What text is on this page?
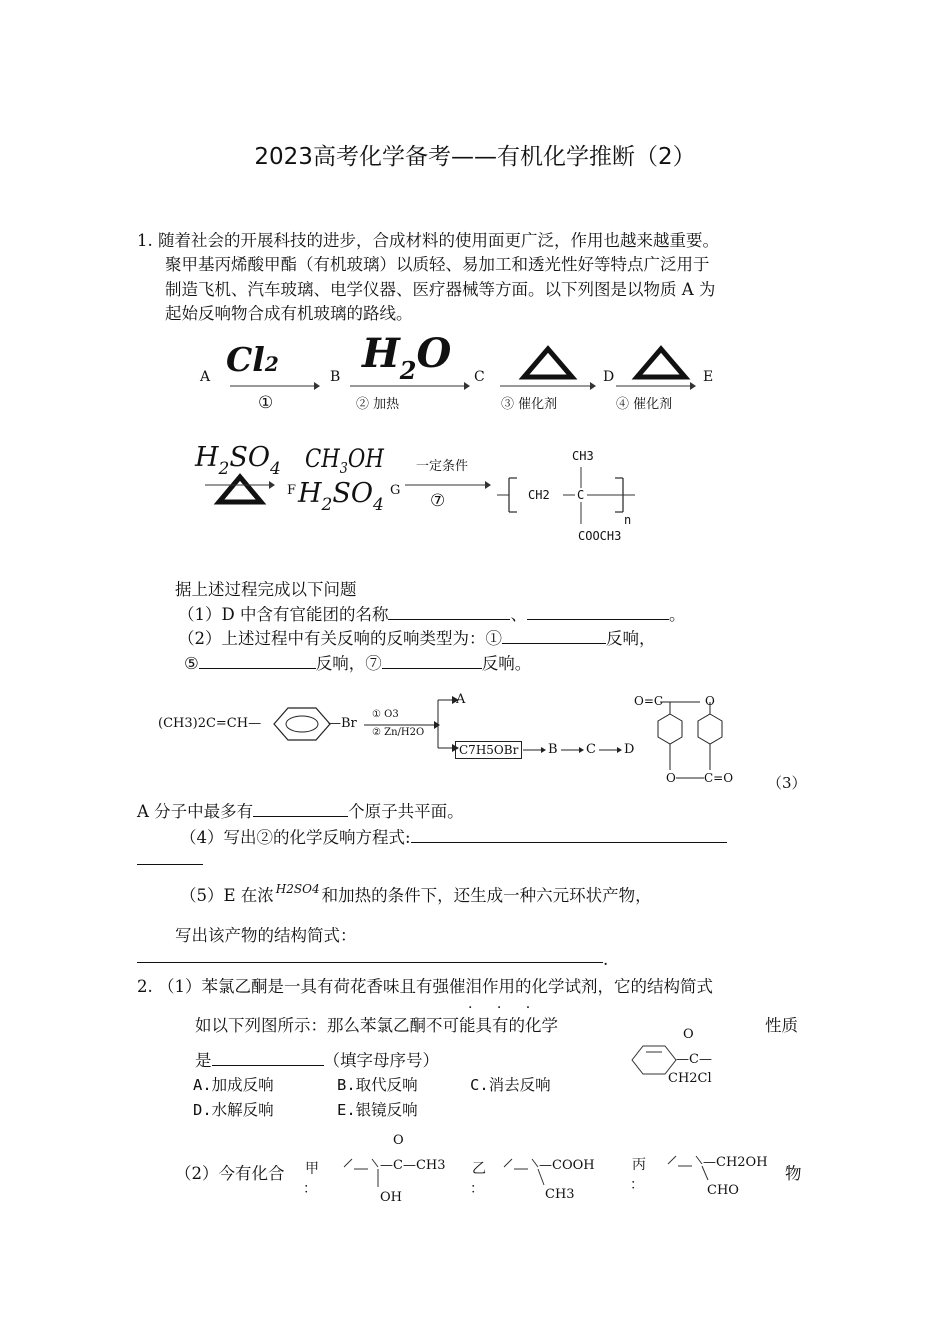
2023高考化学备考——有机化学推断（2）
1. 随着社会的开展科技的进步，合成材料的使用面更广泛，作用也越来越重要。
聚甲基丙烯酸甲酯（有机玻璃）以质轻、易加工和透光性好等特点广泛用于
制造飞机、汽车玻璃、电学仪器、医疗器械等方面。以下列图是以物质 A 为
起始反响物合成有机玻璃的路线。
A Cl2
①
B $H_2O$
② 加热
C
③ 催化剂
D
④ 催化剂
E
$H_2SO_4$
F
$CH_3OH$
$H_2SO_4$
G
一定条件
⑦
CH3
CH2 C
n
COOCH3
据上述过程完成以下问题
（1）D 中含有官能团的名称	、	。
（2）上述过程中有关反响的反响类型为：①	反响，
⑤	反响，⑦	反响。
(CH3)2C=CH—	—Br
① O3
② Zn/H2O
A
C7H5OBr	B C D
O=C	O
O C=O （3）
A 分子中最多有	个原子共平面。
（4）写出②的化学反响方程式:
（5）E 在浓 $^{H2SO4}$ 和加热的条件下，还生成一种六元环状产物，
写出该产物的结构简式：
.
2. （1）苯氯乙酮是一具有荷花香味且有强催泪作用的化学试剂，它的结构简式
. . .
如以下列图所示：那么苯氯乙酮不可能具有的化学	性质
是	（填字母序号）
A.加成反响	B.取代反响	C.消去反响
D.水解反响	E.银镜反响
O
—C—
CH2Cl
（2）今有化合	物
甲
：
O
—C—CH3
OH
乙
：
—COOH
CH3
丙
：
—CH2OH
CHO
